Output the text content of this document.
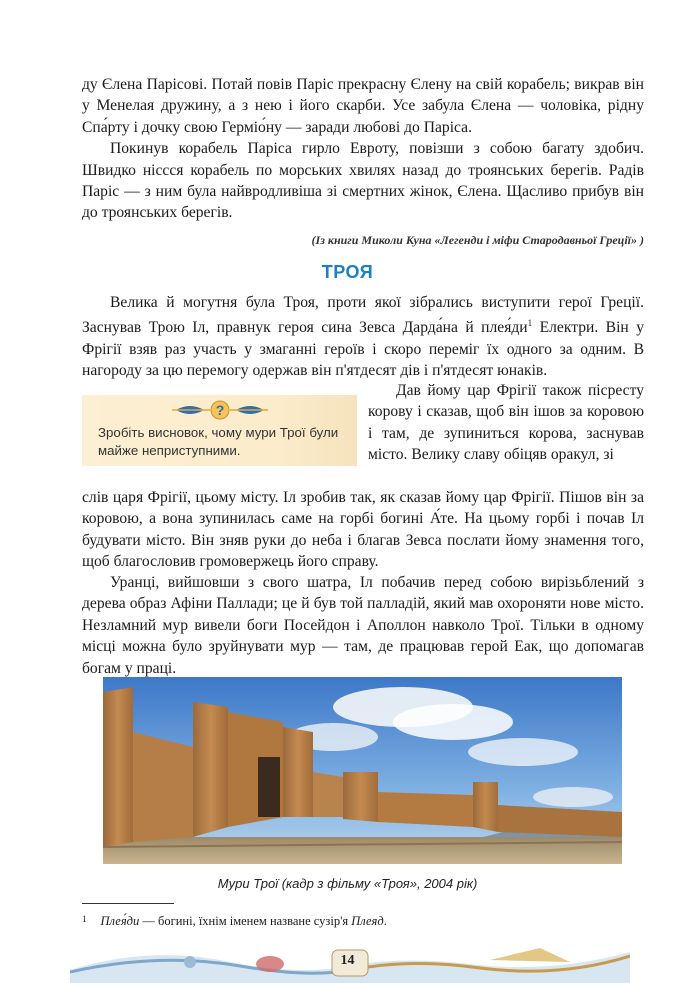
ду Єлена Парісові. Потай повів Паріс прекрасну Єлену на свій корабель; викрав він у Менелая дружину, а з нею і його скарби. Усе забула Єлена — чоловіка, рідну Спа́рту і дочку свою Герміо́ну — заради любові до Паріса.

Покинув корабель Паріса гирло Евроту, повізши з собою багату здобич. Швидко ніссся корабель по морських хвилях назад до троянських берегів. Радів Паріс — з ним була найвродливіша зі смертних жінок, Єлена. Щасливо прибув він до троянських берегів.

(Із книги Миколи Куна «Легенди і міфи Стародавньої Греції» )
ТРОЯ

Велика й могутня була Троя, проти якої зібрались виступити герої Греції. Заснував Трою Іл, правнук героя сина Зевса Дарда́на й $плея́ди^1$ Електри. Він у Фрігії взяв раз участь у змаганні героїв і скоро переміг їх одного за одним. В нагороду за цю перемогу одержав він п'ятдесят дів і п'ятдесят юнаків.

?
Зробіть висновок, чому мури Трої були майже неприступними.

Дав йому цар Фрігії також пісресту корову і сказав, щоб він ішов за коровою і там, де зупиниться корова, заснував місто. Велику славу обіцяв оракул, зі

слів царя Фрігії, цьому місту. Іл зробив так, як сказав йому цар Фрігії. Пішов він за коровою, а вона зупинилась саме на горбі богині А́те. На цьому горбі і почав Іл будувати місто. Він зняв руки до неба і благав Зевса послати йому знамення того, щоб благословив громовержець його справу.

Уранці, вийшовши з свого шатра, Іл побачив перед собою вирізьблений з дерева образ Афіни Паллади; це й був той палладій, який мав охороняти нове місто. Незламний мур вивели боги Посейдон і Аполлон навколо Трої. Тільки в одному місці можна було зруйнувати мур — там, де працював герой Еак, що допомагав богам у праці.

Мури Трої (кадр з фільму «Троя», 2004 рік)
$^1$ Плея́ди — богині, їхнім іменем назване сузір'я Плеяд.
14
